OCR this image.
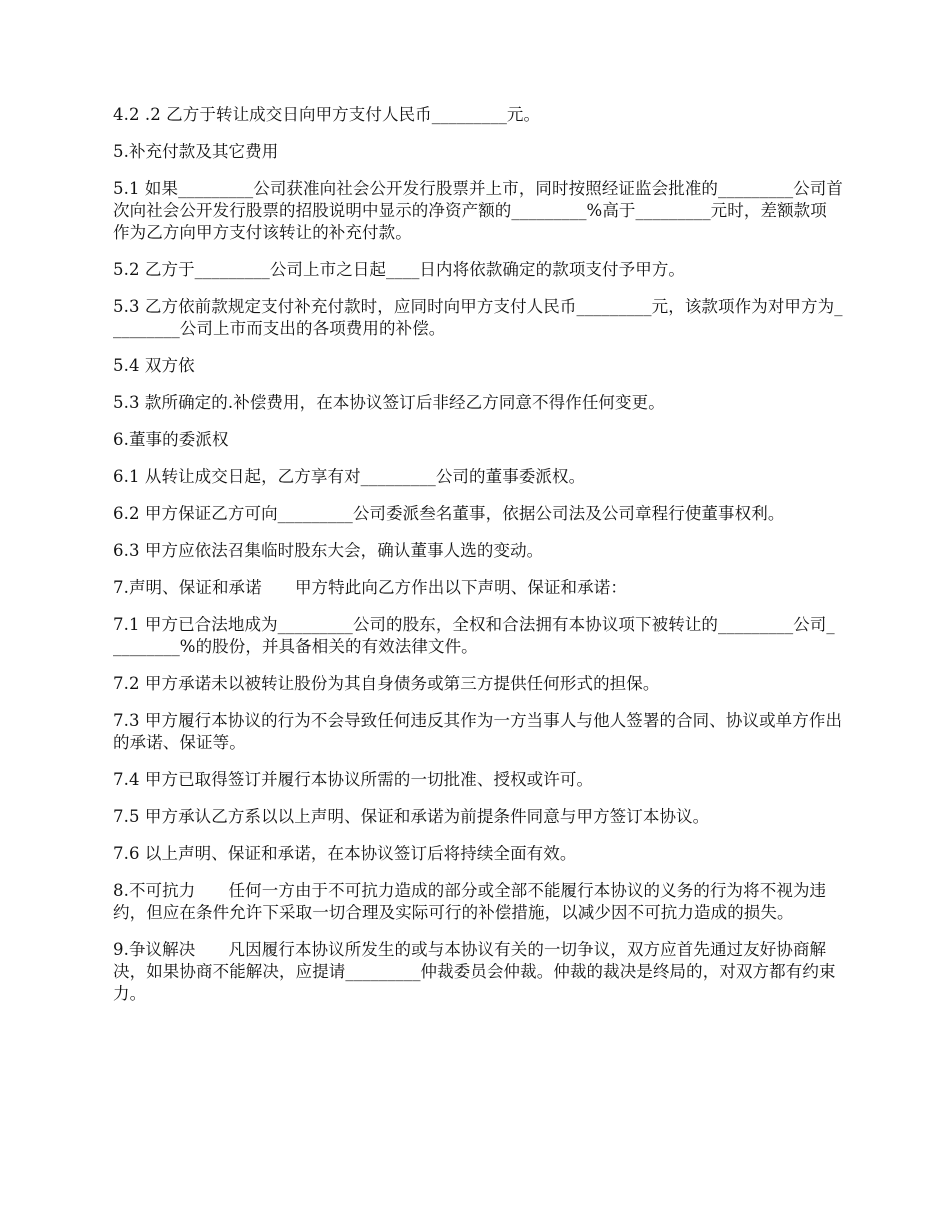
4.2 .2 乙方于转让成交日向甲方支付人民币_________元。

5.补充付款及其它费用

5.1 如果_________公司获准向社会公开发行股票并上市，同时按照经证监会批准的_________公司首次向社会公开发行股票的招股说明中显示的净资产额的_________%高于_________元时，差额款项作为乙方向甲方支付该转让的补充付款。

5.2 乙方于_________公司上市之日起____日内将依款确定的款项支付予甲方。

5.3 乙方依前款规定支付补充付款时，应同时向甲方支付人民币_________元，该款项作为对甲方为_________公司上市而支出的各项费用的补偿。

5.4 双方依

5.3 款所确定的.补偿费用，在本协议签订后非经乙方同意不得作任何变更。

6.董事的委派权

6.1 从转让成交日起，乙方享有对_________公司的董事委派权。

6.2 甲方保证乙方可向_________公司委派叁名董事，依据公司法及公司章程行使董事权利。

6.3 甲方应依法召集临时股东大会，确认董事人选的变动。

7.声明、保证和承诺　　甲方特此向乙方作出以下声明、保证和承诺：

7.1 甲方已合法地成为_________公司的股东，全权和合法拥有本协议项下被转让的_________公司_________%的股份，并具备相关的有效法律文件。

7.2 甲方承诺未以被转让股份为其自身债务或第三方提供任何形式的担保。

7.3 甲方履行本协议的行为不会导致任何违反其作为一方当事人与他人签署的合同、协议或单方作出的承诺、保证等。

7.4 甲方已取得签订并履行本协议所需的一切批准、授权或许可。

7.5 甲方承认乙方系以以上声明、保证和承诺为前提条件同意与甲方签订本协议。

7.6 以上声明、保证和承诺，在本协议签订后将持续全面有效。

8.不可抗力　　任何一方由于不可抗力造成的部分或全部不能履行本协议的义务的行为将不视为违约，但应在条件允许下采取一切合理及实际可行的补偿措施，以减少因不可抗力造成的损失。

9.争议解决　　凡因履行本协议所发生的或与本协议有关的一切争议，双方应首先通过友好协商解决，如果协商不能解决，应提请_________仲裁委员会仲裁。仲裁的裁决是终局的，对双方都有约束力。
